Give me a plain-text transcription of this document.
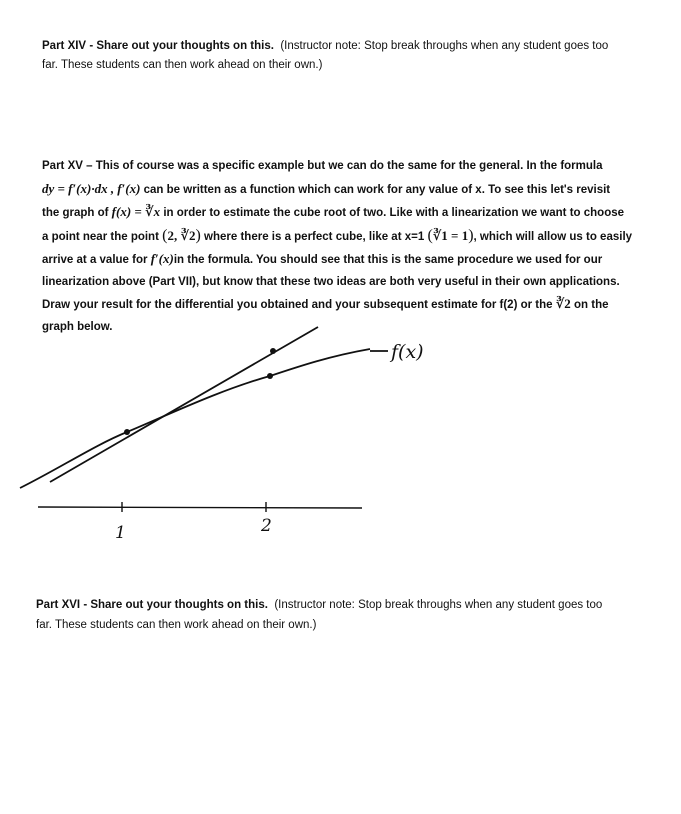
Part XIV - Share out your thoughts on this. (Instructor note: Stop break throughs when any student goes too
far. These students can then work ahead on their own.)
Part XV – This of course was a specific example but we can do the same for the general. In the formula
dy = f′(x)·dx , f′(x) can be written as a function which can work for any value of x. To see this let's revisit
the graph of f(x) = ∛x in order to estimate the cube root of two. Like with a linearization we want to choose
a point near the point (2, ∛2) where there is a perfect cube, like at x=1 (∛1 = 1), which will allow us to easily
arrive at a value for f′(x)in the formula. You should see that this is the same procedure we used for our
linearization above (Part VII), but know that these two ideas are both very useful in their own applications.
Draw your result for the differential you obtained and your subsequent estimate for f(2) or the ∛2 on the
graph below.
f(x)
1	2
Part XVI - Share out your thoughts on this. (Instructor note: Stop break throughs when any student goes too
far. These students can then work ahead on their own.)
